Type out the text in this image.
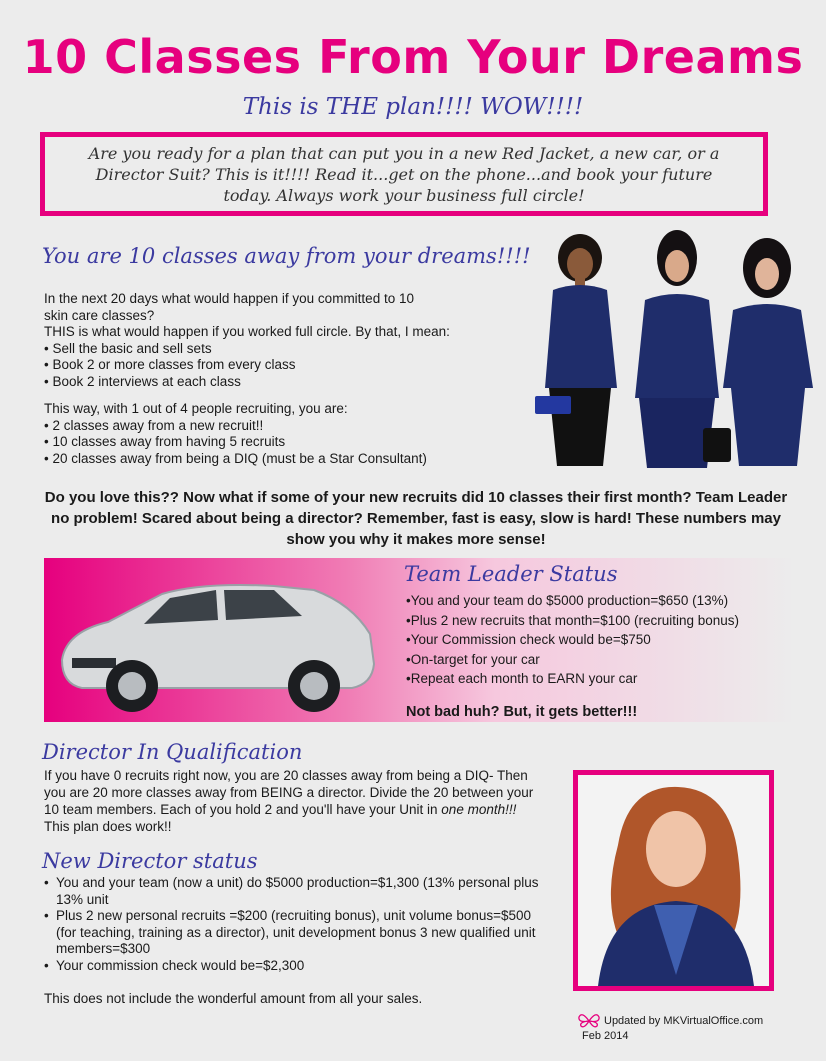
10 Classes From Your Dreams
This is THE plan!!!! WOW!!!!
Are you ready for a plan that can put you in a new Red Jacket, a new car, or a Director Suit? This is it!!!! Read it...get on the phone...and book your future today. Always work your business full circle!
You are 10 classes away from your dreams!!!!
In the next 20 days what would happen if you committed to 10
skin care classes?
THIS is what would happen if you worked full circle. By that, I mean:
• Sell the basic and sell sets
• Book 2 or more classes from every class
• Book 2 interviews at each class
This way, with 1 out of 4 people recruiting, you are:
• 2 classes away from a new recruit!!
• 10 classes away from having 5 recruits
• 20 classes away from being a DIQ (must be a Star Consultant)
Do you love this?? Now what if some of your new recruits did 10 classes their first month? Team Leader no problem! Scared about being a director? Remember, fast is easy, slow is hard! These numbers may show you why it makes more sense!
Team Leader Status
•You and your team do $5000 production=$650 (13%)
•Plus 2 new recruits that month=$100 (recruiting bonus)
•Your Commission check would be=$750
•On-target for your car
•Repeat each month to EARN your car
Not bad huh? But, it gets better!!!
Director In Qualification
If you have 0 recruits right now, you are 20 classes away from being a DIQ- Then you are 20 more classes away from BEING a director. Divide the 20 between your 10 team members. Each of you hold 2 and you'll have your Unit in one month!!! This plan does work!!
New Director status
• You and your team (now a unit) do $5000 production=$1,300 (13% personal plus 13% unit
• Plus 2 new personal recruits =$200 (recruiting bonus), unit volume bonus=$500 (for teaching, training as a director), unit development bonus 3 new qualified unit members=$300
• Your commission check would be=$2,300
This does not include the wonderful amount from all your sales.
Updated by MKVirtualOffice.com
Feb 2014
